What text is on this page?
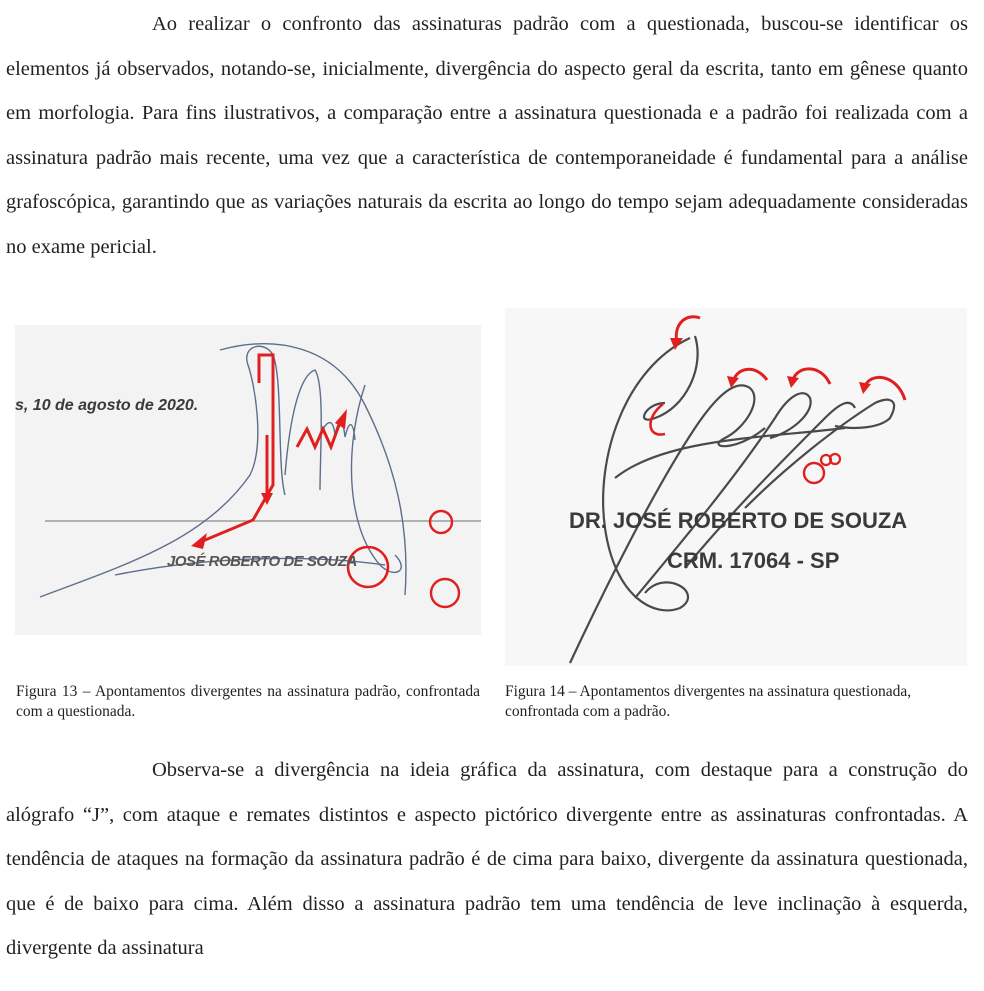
Ao realizar o confronto das assinaturas padrão com a questionada, buscou-se identificar os elementos já observados, notando-se, inicialmente, divergência do aspecto geral da escrita, tanto em gênese quanto em morfologia. Para fins ilustrativos, a comparação entre a assinatura questionada e a padrão foi realizada com a assinatura padrão mais recente, uma vez que a característica de contemporaneidade é fundamental para a análise grafoscópica, garantindo que as variações naturais da escrita ao longo do tempo sejam adequadamente consideradas no exame pericial.

s, 10 de agosto de 2020.
JOSÉ ROBERTO DE SOUZA
DR. JOSÉ ROBERTO DE SOUZA
CRM. 17064 - SP

Figura 13 – Apontamentos divergentes na assinatura padrão, confrontada com a questionada.

Figura 14 – Apontamentos divergentes na assinatura questionada, confrontada com a padrão.

Observa-se a divergência na ideia gráfica da assinatura, com destaque para a construção do alógrafo “J”, com ataque e remates distintos e aspecto pictórico divergente entre as assinaturas confrontadas. A tendência de ataques na formação da assinatura padrão é de cima para baixo, divergente da assinatura questionada, que é de baixo para cima. Além disso a assinatura padrão tem uma tendência de leve inclinação à esquerda, divergente da assinatura
